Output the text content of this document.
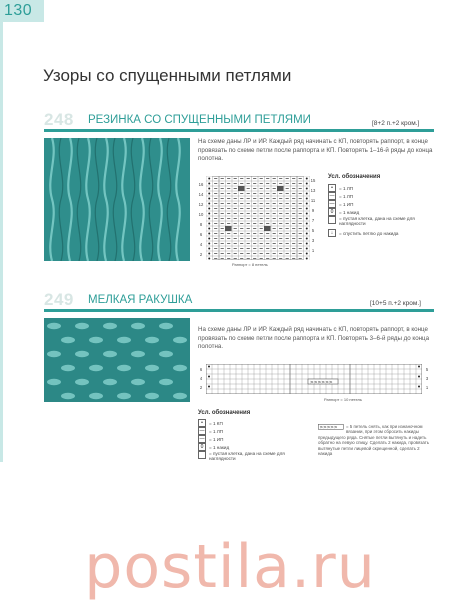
130
Узоры со спущенными петлями
248 РЕЗИНКА СО СПУЩЕННЫМИ ПЕТЛЯМИ	[8+2 п.+2 кром.]
На схеме даны ЛР и ИР. Каждый ряд начинать с КП, повторять раппорт, в конце провязать по схеме петли после раппорта и КП. Повторять 1–16-й ряды до конца полотна.
16
14
12
10
8
6
4
2
15
13
11
9
7
5
3
1
Раппорт = 8 петель
Усл. обозначения
•	= 1 ЛП
— = 1 ЛП
— = 1 ИП
0	= 1 накид
= пустая клетка, дана на схеме для наглядности
↓	= спустить петлю до накида
249 МЕЛКАЯ РАКУШКА	[10+5 п.+2 кром.]
На схеме даны ЛР и ИР. Каждый ряд начинать с КП, повторять раппорт, в конце провязать по схеме петли после раппорта и КП. Повторять 3–6-й ряды до конца полотна.
6
4
2
>>>>>>
5
3
1
Раппорт = 10 петель
Усл. обозначения
•	= 1 КП
— = 1 ЛП
— = 1 ИП
0	= 1 накид
= пустая клетка, дана на схеме для наглядности
>>>>>	= 5 петель снять, как при изнаночном вязании, при этом сбросить накиды предыдущего ряда. Снятые петли вытянуть и надеть обратно на левую спицу. Сделать 2 накида, провязать вытянутые петли лицевой скрещенной, сделать 2 накида
postila.ru
